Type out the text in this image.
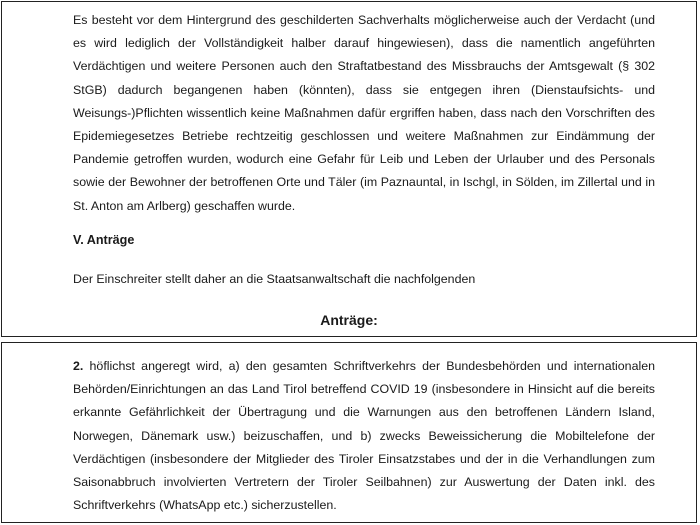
Es besteht vor dem Hintergrund des geschilderten Sachverhalts möglicherweise auch der Verdacht (und es wird lediglich der Vollständigkeit halber darauf hingewiesen), dass die namentlich angeführten Verdächtigen und weitere Personen auch den Straftatbestand des Missbrauchs der Amtsgewalt (§ 302 StGB) dadurch begangenen haben (könnten), dass sie entgegen ihren (Dienstaufsichts- und Weisungs-)Pflichten wissentlich keine Maßnahmen dafür ergriffen haben, dass nach den Vorschriften des Epidemiegesetzes Betriebe rechtzeitig geschlossen und weitere Maßnahmen zur Eindämmung der Pandemie getroffen wurden, wodurch eine Gefahr für Leib und Leben der Urlauber und des Personals sowie der Bewohner der betroffenen Orte und Täler (im Paznauntal, in Ischgl, in Sölden, im Zillertal und in St. Anton am Arlberg) geschaffen wurde.

V. Anträge

Der Einschreiter stellt daher an die Staatsanwaltschaft die nachfolgenden

Anträge:

2. höflichst angeregt wird, a) den gesamten Schriftverkehrs der Bundesbehörden und internationalen Behörden/Einrichtungen an das Land Tirol betreffend COVID 19 (insbesondere in Hinsicht auf die bereits erkannte Gefährlichkeit der Übertragung und die Warnungen aus den betroffenen Ländern Island, Norwegen, Dänemark usw.) beizuschaffen, und b) zwecks Beweissicherung die Mobiltelefone der Verdächtigen (insbesondere der Mitglieder des Tiroler Einsatzstabes und der in die Verhandlungen zum Saisonabbruch involvierten Vertretern der Tiroler Seilbahnen) zur Auswertung der Daten inkl. des Schriftverkehrs (WhatsApp etc.) sicherzustellen.
